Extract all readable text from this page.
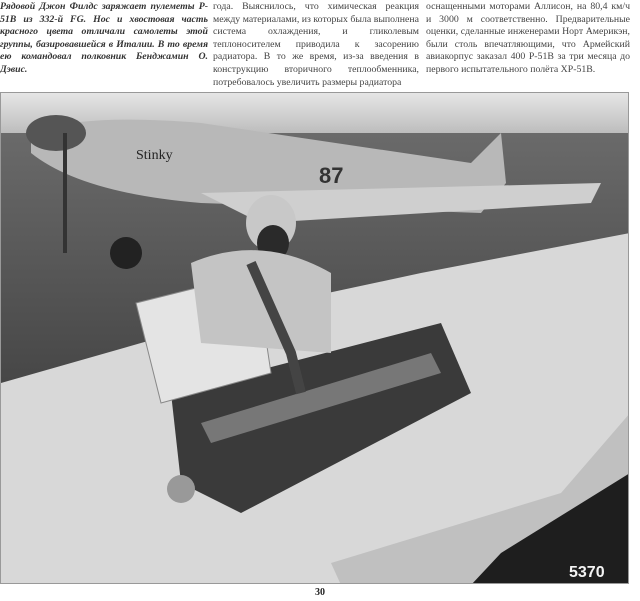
Рядовой Джон Филдс заряжает пулеметы P-51B из 332-й FG. Нос и хвостовая часть красного цвета отличали самолеты этой группы, базировавшейся в Италии. В то время ею командовал полковник Бенджамин О. Дэвис.

года. Выяснилось, что химическая реакция между материалами, из которых была выполнена система охлаждения, и гликолевым теплоносителем приводила к засорению радиатора. В то же время, из-за введения в конструкцию вторичного теплообменника, потребовалось увеличить размеры радиатора

оснащенными моторами Аллисон, на 80,4 км/ч и 3000 м соответственно. Предварительные оценки, сделанные инженерами Норт Америкэн, были столь впечатляющими, что Армейский авиакорпус заказал 400 P-51B за три месяца до первого испытательного полёта XP-51B.

Stinky
87
5370
30
